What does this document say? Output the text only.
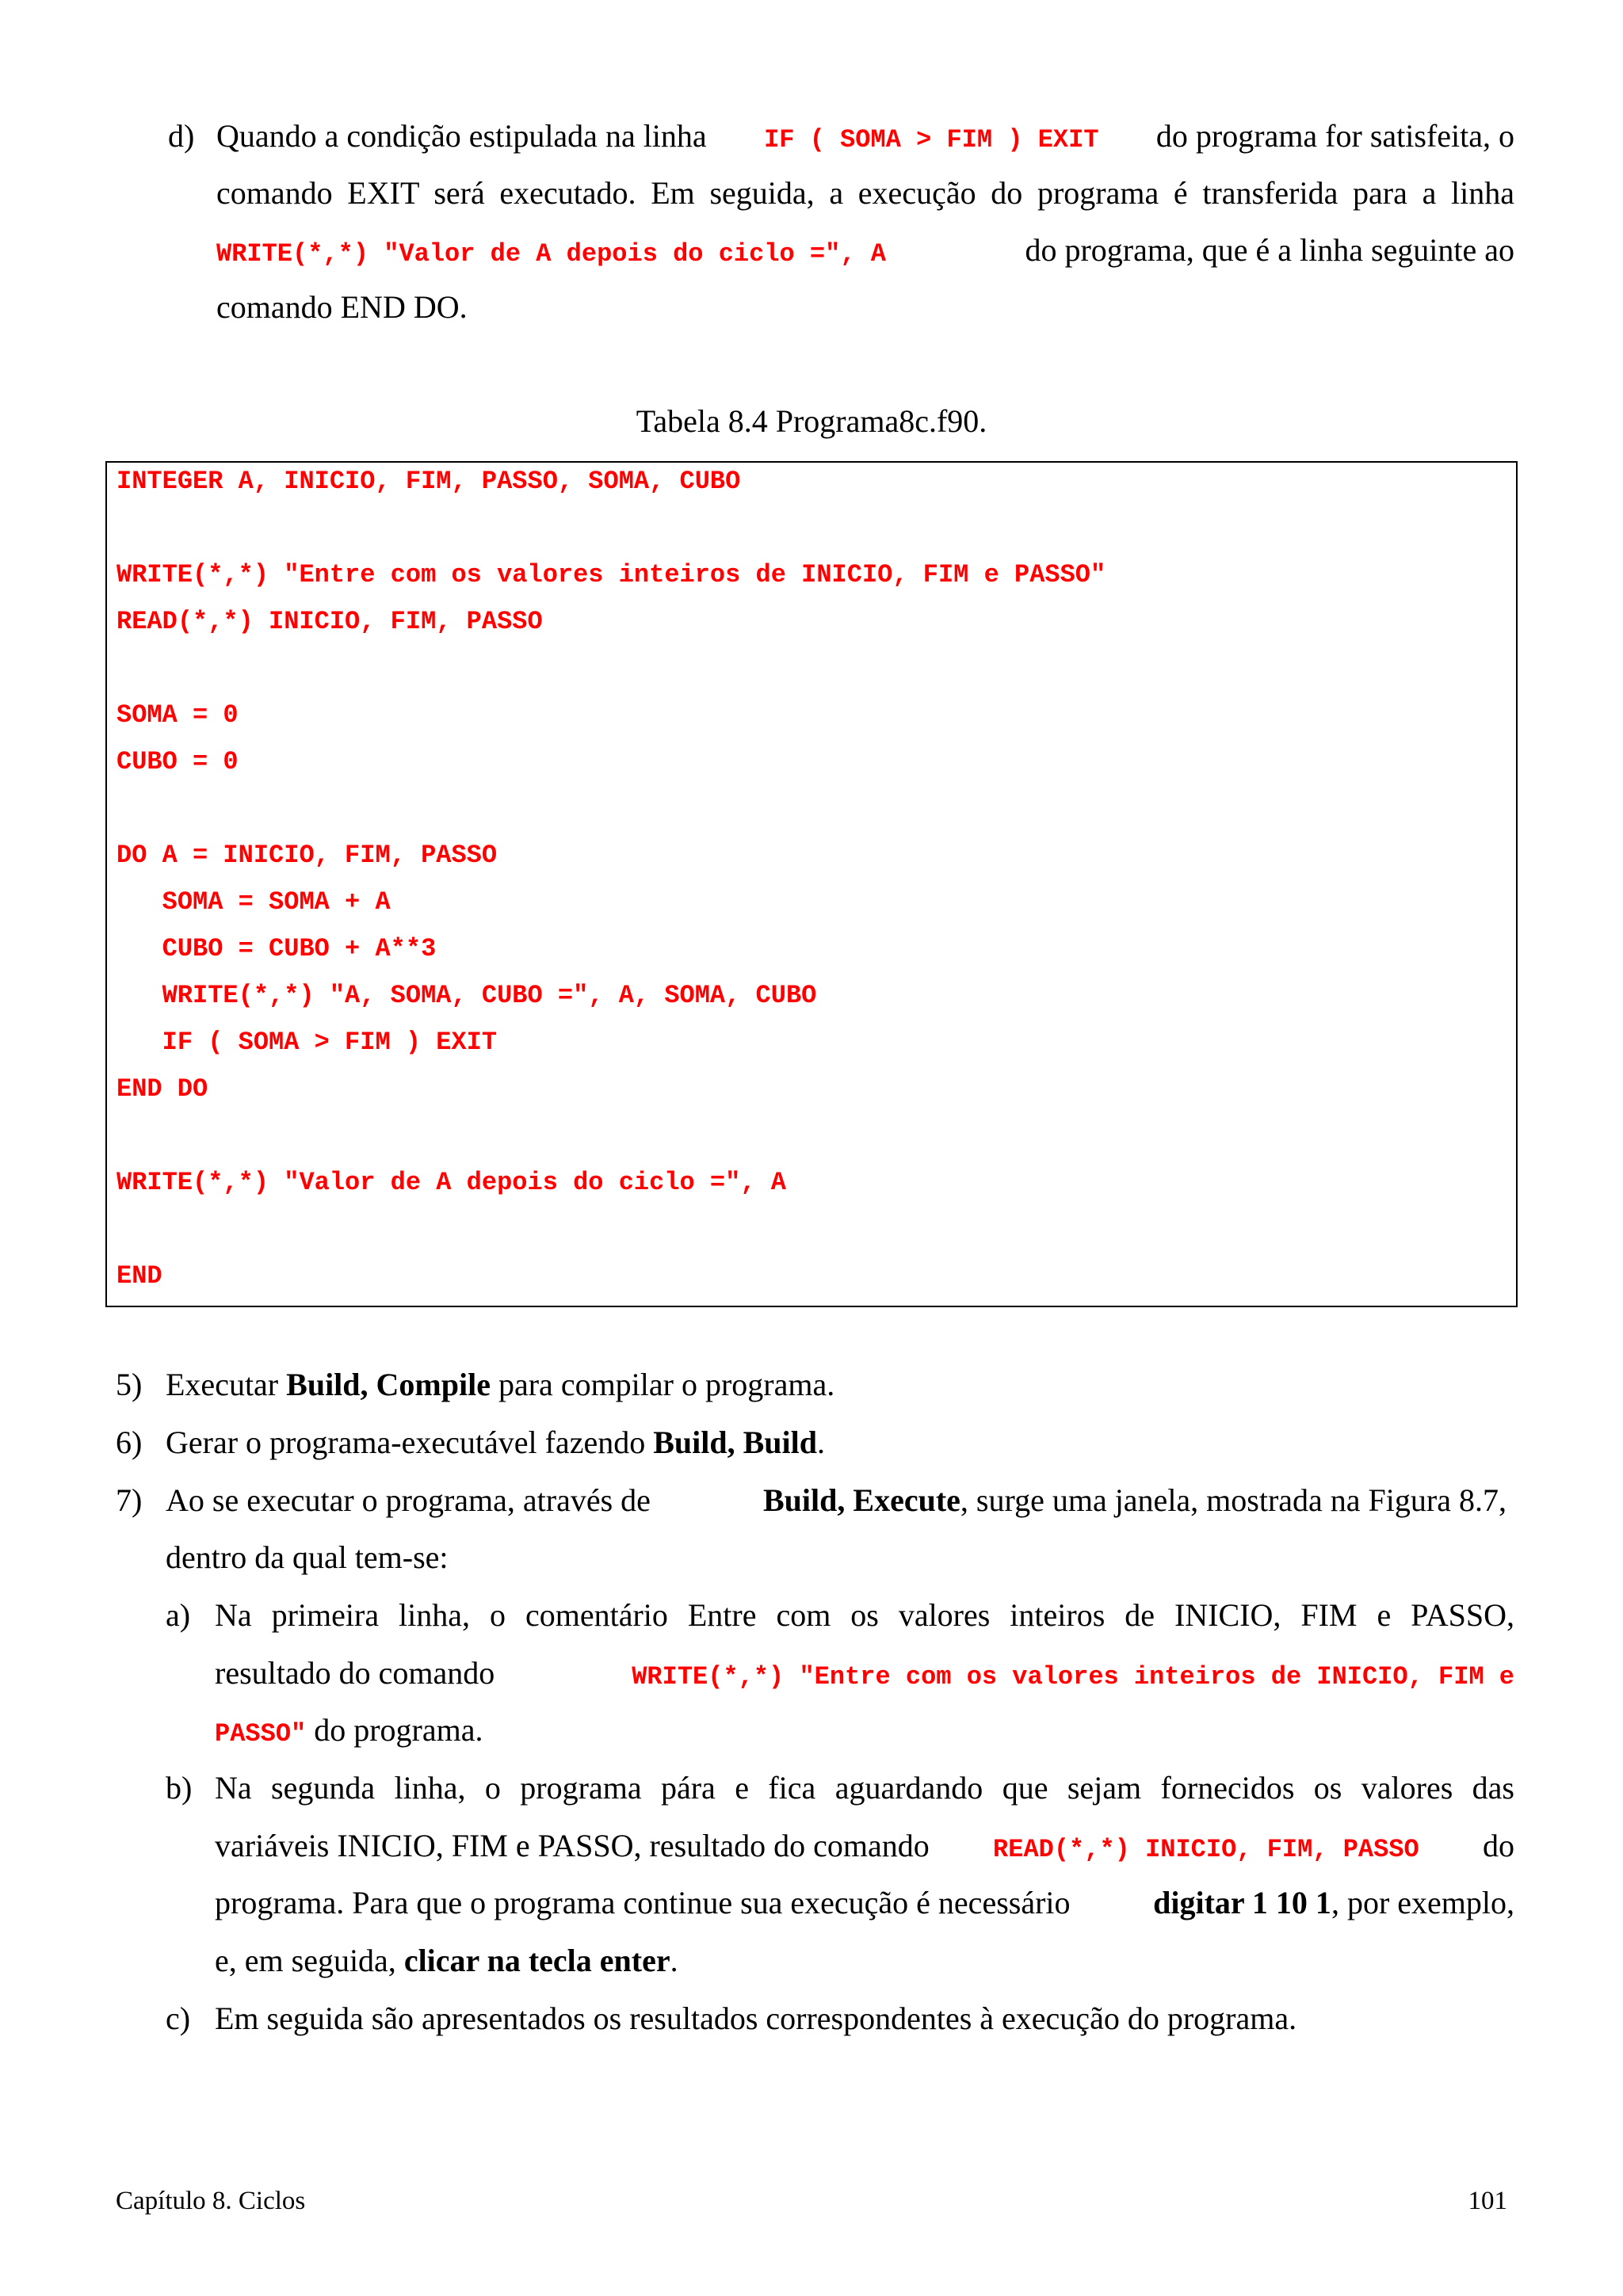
d) Quando a condição estipulada na linha IF ( SOMA > FIM ) EXIT do programa for satisfeita, o
comando EXIT será executado. Em seguida, a execução do programa é transferida para a linha
WRITE(*,*) "Valor de A depois do ciclo =", A	do programa, que é a linha seguinte ao
comando END DO.
Tabela 8.4 Programa8c.f90.
INTEGER A, INICIO, FIM, PASSO, SOMA, CUBO
WRITE(*,*) "Entre com os valores inteiros de INICIO, FIM e PASSO"
READ(*,*) INICIO, FIM, PASSO
SOMA = 0
CUBO = 0
DO A = INICIO, FIM, PASSO
SOMA = SOMA + A
CUBO = CUBO + A**3
WRITE(*,*) "A, SOMA, CUBO =", A, SOMA, CUBO
IF ( SOMA > FIM ) EXIT
END DO
WRITE(*,*) "Valor de A depois do ciclo =", A
END
5) Executar Build, Compile para compilar o programa.
6) Gerar o programa-executável fazendo Build, Build.
7) Ao se executar o programa, através de	Build, Execute, surge uma janela, mostrada na Figura 8.7,
dentro da qual tem-se:
a) Na primeira linha, o comentário Entre com os valores inteiros de INICIO, FIM e PASSO,
resultado do comando	WRITE(*,*) "Entre com os valores inteiros de INICIO, FIM e
PASSO" do programa.
b) Na segunda linha, o programa pára e fica aguardando que sejam fornecidos os valores das
variáveis INICIO, FIM e PASSO, resultado do comando	READ(*,*) INICIO, FIM, PASSO do
programa. Para que o programa continue sua execução é necessário	digitar 1 10 1, por exemplo,
e, em seguida, clicar na tecla enter.
c) Em seguida são apresentados os resultados correspondentes à execução do programa.
Capítulo 8. Ciclos	101
